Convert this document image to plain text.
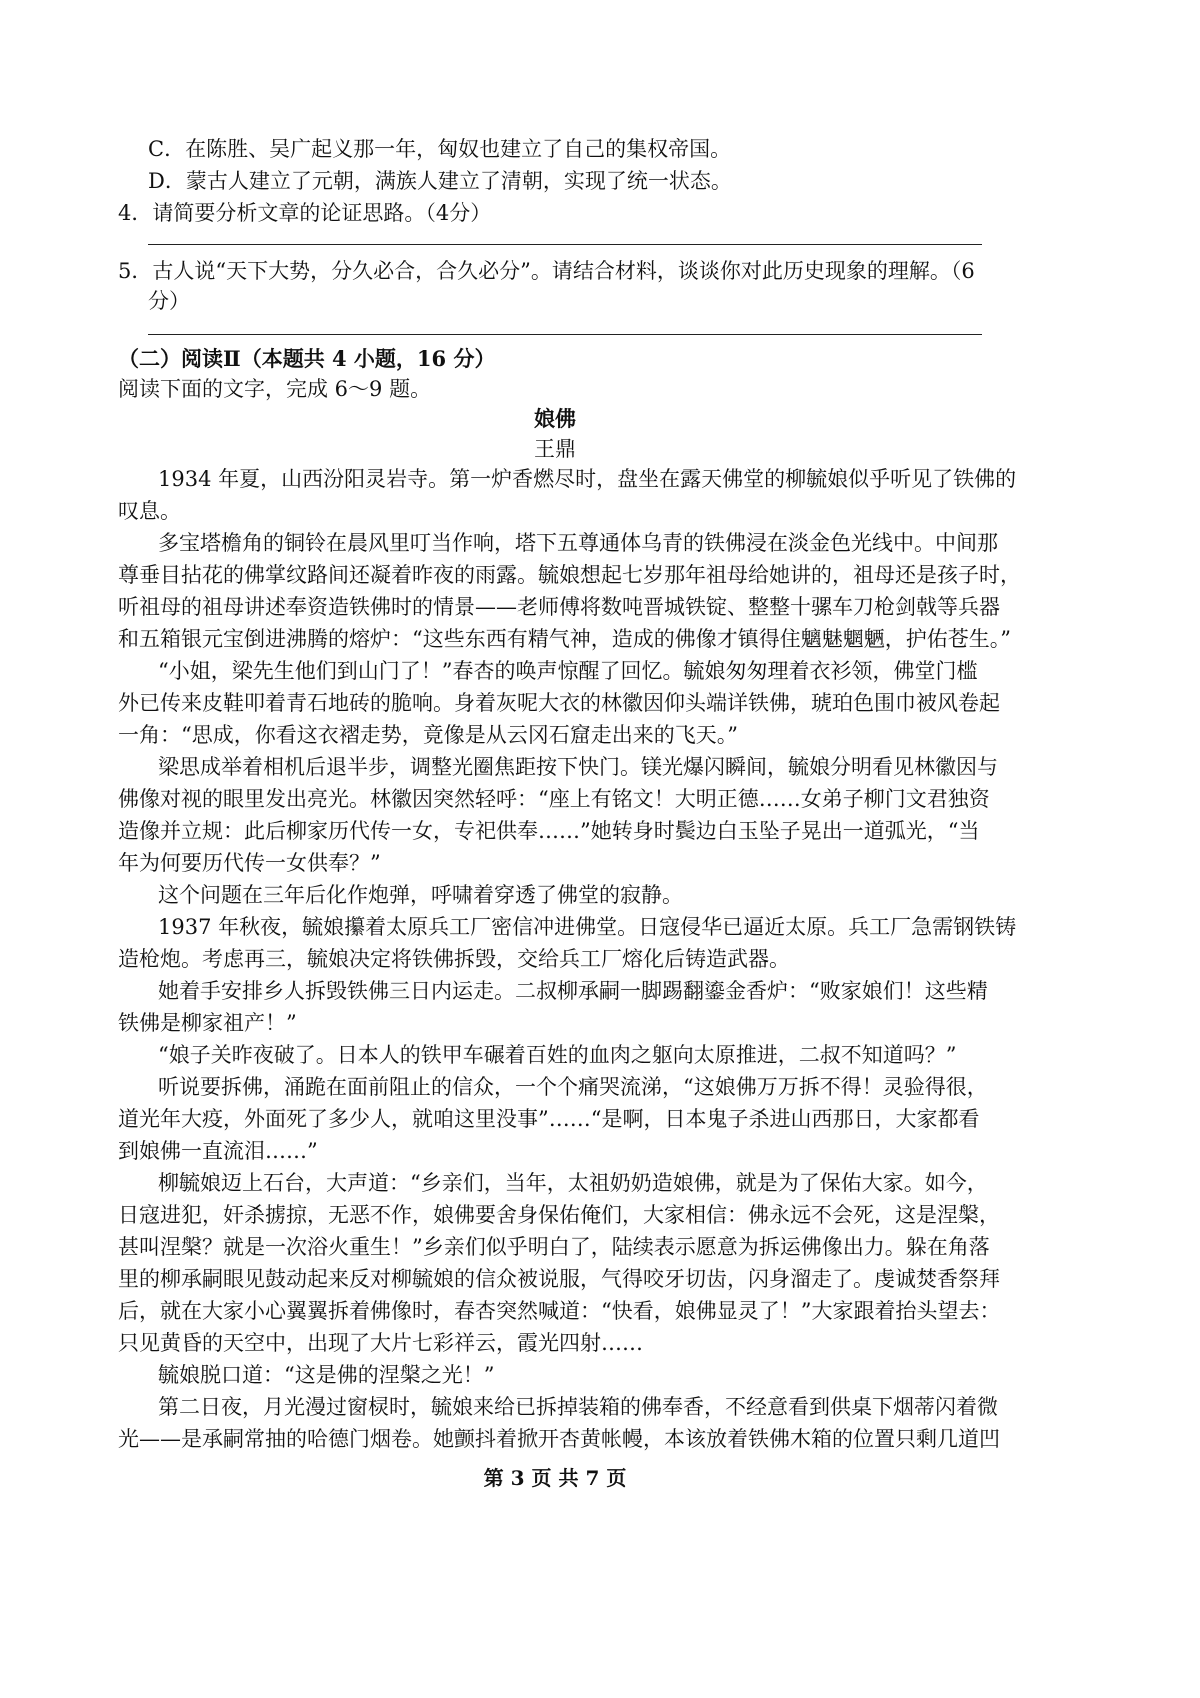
C．在陈胜、吴广起义那一年，匈奴也建立了自己的集权帝国。
D．蒙古人建立了元朝，满族人建立了清朝，实现了统一状态。
4．请简要分析文章的论证思路。（4分）
5．古人说“天下大势，分久必合，合久必分”。请结合材料，谈谈你对此历史现象的理解。（6
分）
（二）阅读Ⅱ（本题共 4 小题，16 分）
阅读下面的文字，完成 6～9 题。
娘佛
王鼎
1934 年夏，山西汾阳灵岩寺。第一炉香燃尽时，盘坐在露天佛堂的柳毓娘似乎听见了铁佛的
叹息。
多宝塔檐角的铜铃在晨风里叮当作响，塔下五尊通体乌青的铁佛浸在淡金色光线中。中间那
尊垂目拈花的佛掌纹路间还凝着昨夜的雨露。毓娘想起七岁那年祖母给她讲的，祖母还是孩子时，
听祖母的祖母讲述奉资造铁佛时的情景——老师傅将数吨晋城铁锭、整整十骡车刀枪剑戟等兵器
和五箱银元宝倒进沸腾的熔炉：“这些东西有精气神，造成的佛像才镇得住魑魅魍魉，护佑苍生。”
“小姐，梁先生他们到山门了！”春杏的唤声惊醒了回忆。毓娘匆匆理着衣衫领，佛堂门槛
外已传来皮鞋叩着青石地砖的脆响。身着灰呢大衣的林徽因仰头端详铁佛，琥珀色围巾被风卷起
一角：“思成，你看这衣褶走势，竟像是从云冈石窟走出来的飞天。”
梁思成举着相机后退半步，调整光圈焦距按下快门。镁光爆闪瞬间，毓娘分明看见林徽因与
佛像对视的眼里发出亮光。林徽因突然轻呼：“座上有铭文！大明正德……女弟子柳门文君独资
造像并立规：此后柳家历代传一女，专祀供奉……”她转身时鬓边白玉坠子晃出一道弧光，“当
年为何要历代传一女供奉？”
这个问题在三年后化作炮弹，呼啸着穿透了佛堂的寂静。
1937 年秋夜，毓娘攥着太原兵工厂密信冲进佛堂。日寇侵华已逼近太原。兵工厂急需钢铁铸
造枪炮。考虑再三，毓娘决定将铁佛拆毁，交给兵工厂熔化后铸造武器。
她着手安排乡人拆毁铁佛三日内运走。二叔柳承嗣一脚踢翻鎏金香炉：“败家娘们！这些精
铁佛是柳家祖产！”
“娘子关昨夜破了。日本人的铁甲车碾着百姓的血肉之躯向太原推进，二叔不知道吗？”
听说要拆佛，涌跪在面前阻止的信众，一个个痛哭流涕，“这娘佛万万拆不得！灵验得很，
道光年大疫，外面死了多少人，就咱这里没事”……“是啊，日本鬼子杀进山西那日，大家都看
到娘佛一直流泪……”
柳毓娘迈上石台，大声道：“乡亲们，当年，太祖奶奶造娘佛，就是为了保佑大家。如今，
日寇进犯，奸杀掳掠，无恶不作，娘佛要舍身保佑俺们，大家相信：佛永远不会死，这是涅槃，
甚叫涅槃？就是一次浴火重生！”乡亲们似乎明白了，陆续表示愿意为拆运佛像出力。躲在角落
里的柳承嗣眼见鼓动起来反对柳毓娘的信众被说服，气得咬牙切齿，闪身溜走了。虔诚焚香祭拜
后，就在大家小心翼翼拆着佛像时，春杏突然喊道：“快看，娘佛显灵了！”大家跟着抬头望去：
只见黄昏的天空中，出现了大片七彩祥云，霞光四射……
毓娘脱口道：“这是佛的涅槃之光！”
第二日夜，月光漫过窗棂时，毓娘来给已拆掉装箱的佛奉香，不经意看到供桌下烟蒂闪着微
光——是承嗣常抽的哈德门烟卷。她颤抖着掀开杏黄帐幔，本该放着铁佛木箱的位置只剩几道凹
第 3 页 共 7 页
